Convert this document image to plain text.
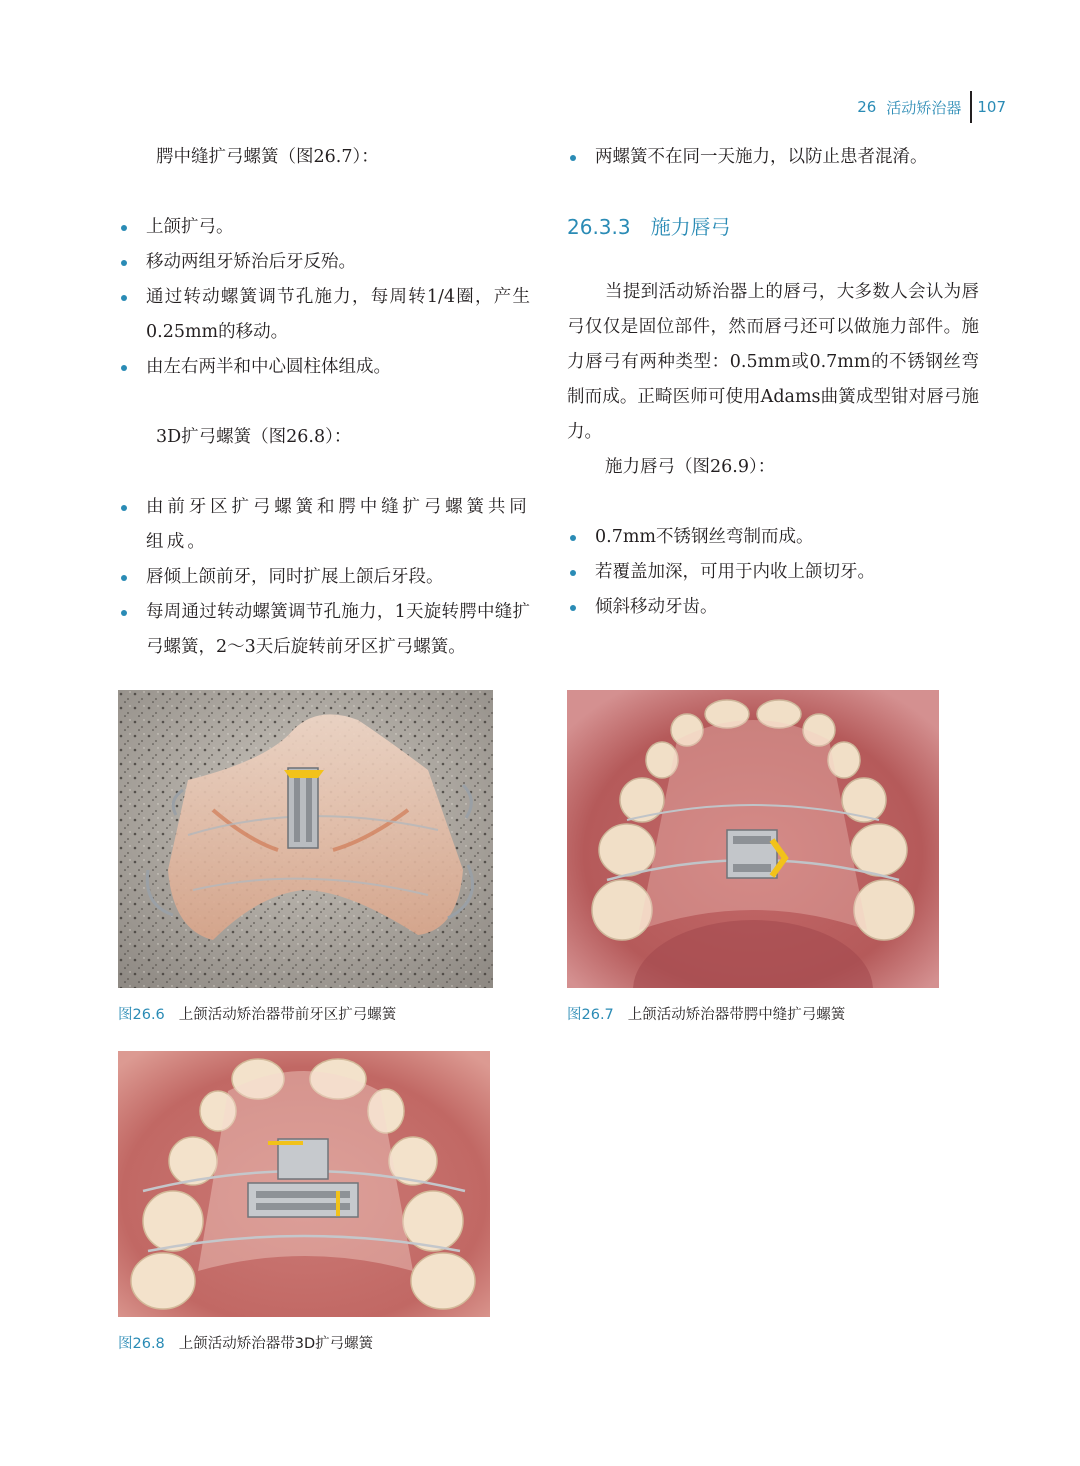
26 活动矫治器 107

腭中缝扩弓螺簧（图26.7）：

上颌扩弓。
移动两组牙矫治后牙反殆。
通过转动螺簧调节孔施力，每周转1/4圈，产生0.25mm的移动。
由左右两半和中心圆柱体组成。

3D扩弓螺簧（图26.8）：

由前牙区扩弓螺簧和腭中缝扩弓螺簧共同组成。
唇倾上颌前牙，同时扩展上颌后牙段。
每周通过转动螺簧调节孔施力，1天旋转腭中缝扩弓螺簧，2～3天后旋转前牙区扩弓螺簧。
两螺簧不在同一天施力，以防止患者混淆。
26.3.3 施力唇弓

当提到活动矫治器上的唇弓，大多数人会认为唇弓仅仅是固位部件，然而唇弓还可以做施力部件。施力唇弓有两种类型：0.5mm或0.7mm的不锈钢丝弯制而成。正畸医师可使用Adams曲簧成型钳对唇弓施力。

施力唇弓（图26.9）：

0.7mm不锈钢丝弯制而成。
若覆盖加深，可用于内收上颌切牙。
倾斜移动牙齿。
图26.6 上颌活动矫治器带前牙区扩弓螺簧	图26.7 上颌活动矫治器带腭中缝扩弓螺簧
图26.8 上颌活动矫治器带3D扩弓螺簧
